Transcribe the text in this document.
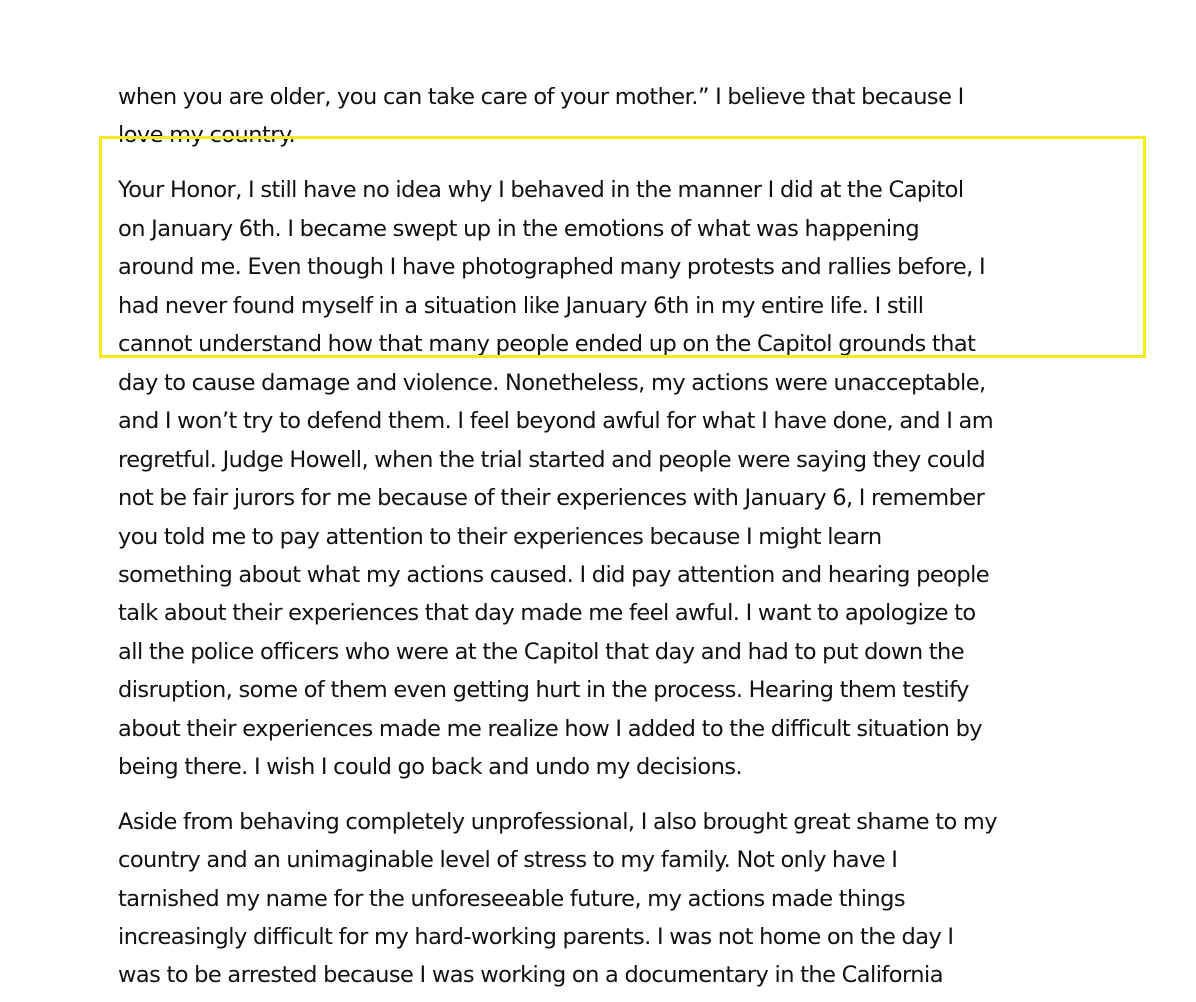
when you are older, you can take care of your mother.” I believe that because I

love my country.

Your Honor, I still have no idea why I behaved in the manner I did at the Capitol

on January 6th. I became swept up in the emotions of what was happening

around me. Even though I have photographed many protests and rallies before, I

had never found myself in a situation like January 6th in my entire life. I still

cannot understand how that many people ended up on the Capitol grounds that

day to cause damage and violence. Nonetheless, my actions were unacceptable,

and I won’t try to defend them. I feel beyond awful for what I have done, and I am

regretful. Judge Howell, when the trial started and people were saying they could

not be fair jurors for me because of their experiences with January 6, I remember

you told me to pay attention to their experiences because I might learn

something about what my actions caused. I did pay attention and hearing people

talk about their experiences that day made me feel awful. I want to apologize to

all the police officers who were at the Capitol that day and had to put down the

disruption, some of them even getting hurt in the process. Hearing them testify

about their experiences made me realize how I added to the difficult situation by

being there. I wish I could go back and undo my decisions.

Aside from behaving completely unprofessional, I also brought great shame to my

country and an unimaginable level of stress to my family. Not only have I

tarnished my name for the unforeseeable future, my actions made things

increasingly difficult for my hard-working parents. I was not home on the day I

was to be arrested because I was working on a documentary in the California
